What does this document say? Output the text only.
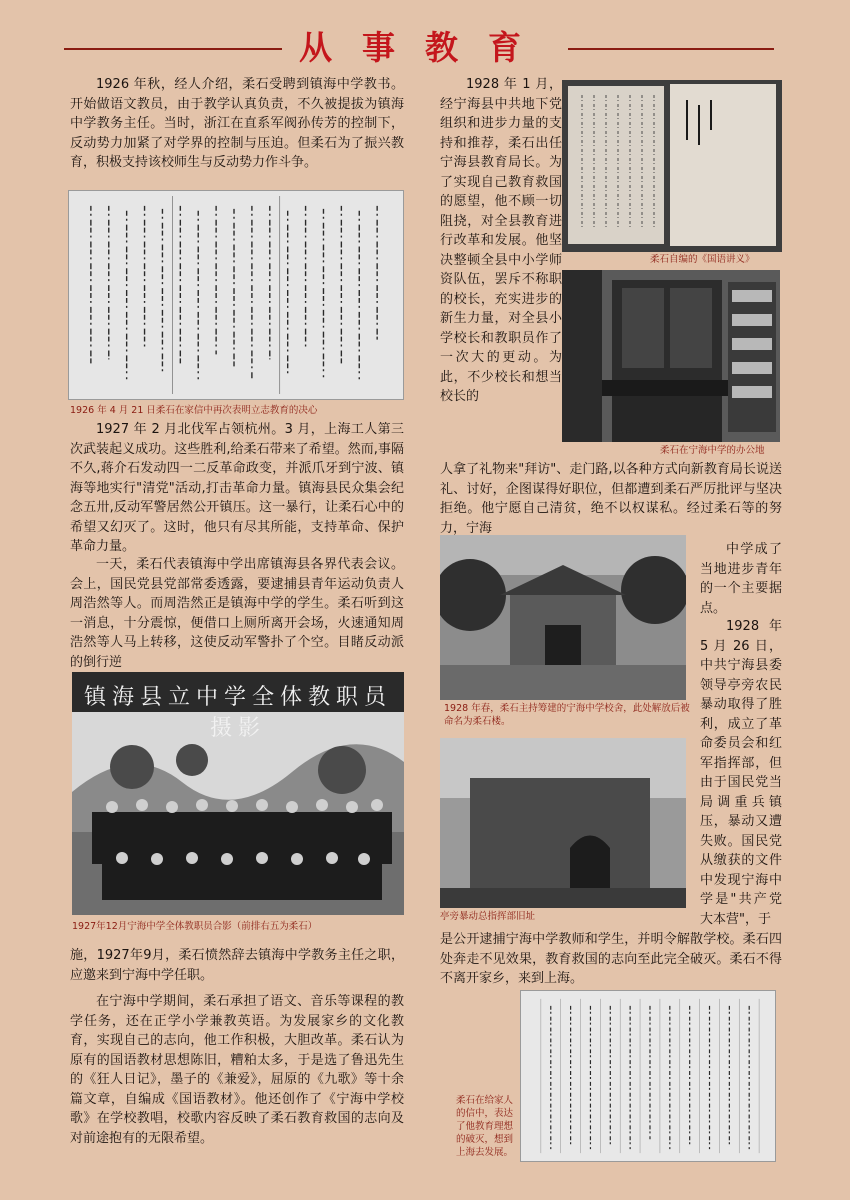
从事教育

1926 年秋，经人介绍，柔石受聘到镇海中学教书。开始做语文教员，由于教学认真负责，不久被提拔为镇海中学教务主任。当时，浙江在直系军阀孙传芳的控制下，反动势力加紧了对学界的控制与压迫。但柔石为了振兴教育，积极支持该校师生与反动势力作斗争。

1926 年 4 月 21 日柔石在家信中再次表明立志教育的决心

1927 年 2 月北伐军占领杭州。3 月，上海工人第三次武装起义成功。这些胜利,给柔石带来了希望。然而,事隔不久,蒋介石发动四一二反革命政变，并派爪牙到宁波、镇海等地实行"清党"活动,打击革命力量。镇海县民众集会纪念五卅,反动军警居然公开镇压。这一暴行，让柔石心中的希望又幻灭了。这时，他只有尽其所能，支持革命、保护革命力量。

一天，柔石代表镇海中学出席镇海县各界代表会议。会上，国民党县党部常委透露，要逮捕县青年运动负责人周浩然等人。而周浩然正是镇海中学的学生。柔石听到这一消息，十分震惊，便借口上厕所离开会场，火速通知周浩然等人马上转移，这使反动军警扑了个空。目睹反动派的倒行逆

镇海县立中学全体教职员摄影
1927年12月宁海中学全体教职员合影（前排右五为柔石）

施，1927年9月，柔石愤然辞去镇海中学教务主任之职，应邀来到宁海中学任职。

在宁海中学期间，柔石承担了语文、音乐等课程的教学任务，还在正学小学兼教英语。为发展家乡的文化教育，实现自己的志向，他工作积极，大胆改革。柔石认为原有的国语教材思想陈旧，糟粕太多，于是选了鲁迅先生的《狂人日记》，墨子的《兼爱》，屈原的《九歌》等十余篇文章，自编成《国语教材》。他还创作了《宁海中学校歌》在学校教唱，校歌内容反映了柔石教育救国的志向及对前途抱有的无限希望。

1928 年 1 月，经宁海县中共地下党组织和进步力量的支持和推荐，柔石出任宁海县教育局长。为了实现自己教育救国的愿望，他不顾一切阻挠，对全县教育进行改革和发展。他坚决整顿全县中小学师资队伍，罢斥不称职的校长，充实进步的新生力量，对全县小学校长和教职员作了一次大的更动。为此，不少校长和想当校长的

柔石自编的《国语讲义》
柔石在宁海中学的办公地

人拿了礼物来"拜访"、走门路,以各种方式向新教育局长说送礼、讨好，企图谋得好职位，但都遭到柔石严厉批评与坚决拒绝。他宁愿自己清贫，绝不以权谋私。经过柔石等的努力，宁海

1928 年春，柔石主持筹建的宁海中学校舍，此处解放后被命名为柔石楼。

中学成了当地进步青年的一个主要据点。

1928 年 5 月 26 日，中共宁海县委领导亭旁农民暴动取得了胜利，成立了革命委员会和红军指挥部，但由于国民党当局调重兵镇压，暴动又遭失败。国民党从缴获的文件中发现宁海中学是"共产党大本营"，于

亭旁暴动总指挥部旧址

是公开逮捕宁海中学教师和学生，并明令解散学校。柔石四处奔走不见效果，教育救国的志向至此完全破灭。柔石不得不离开家乡，来到上海。

柔石在给家人的信中，表达了他教育理想的破灭，想到上海去发展。
